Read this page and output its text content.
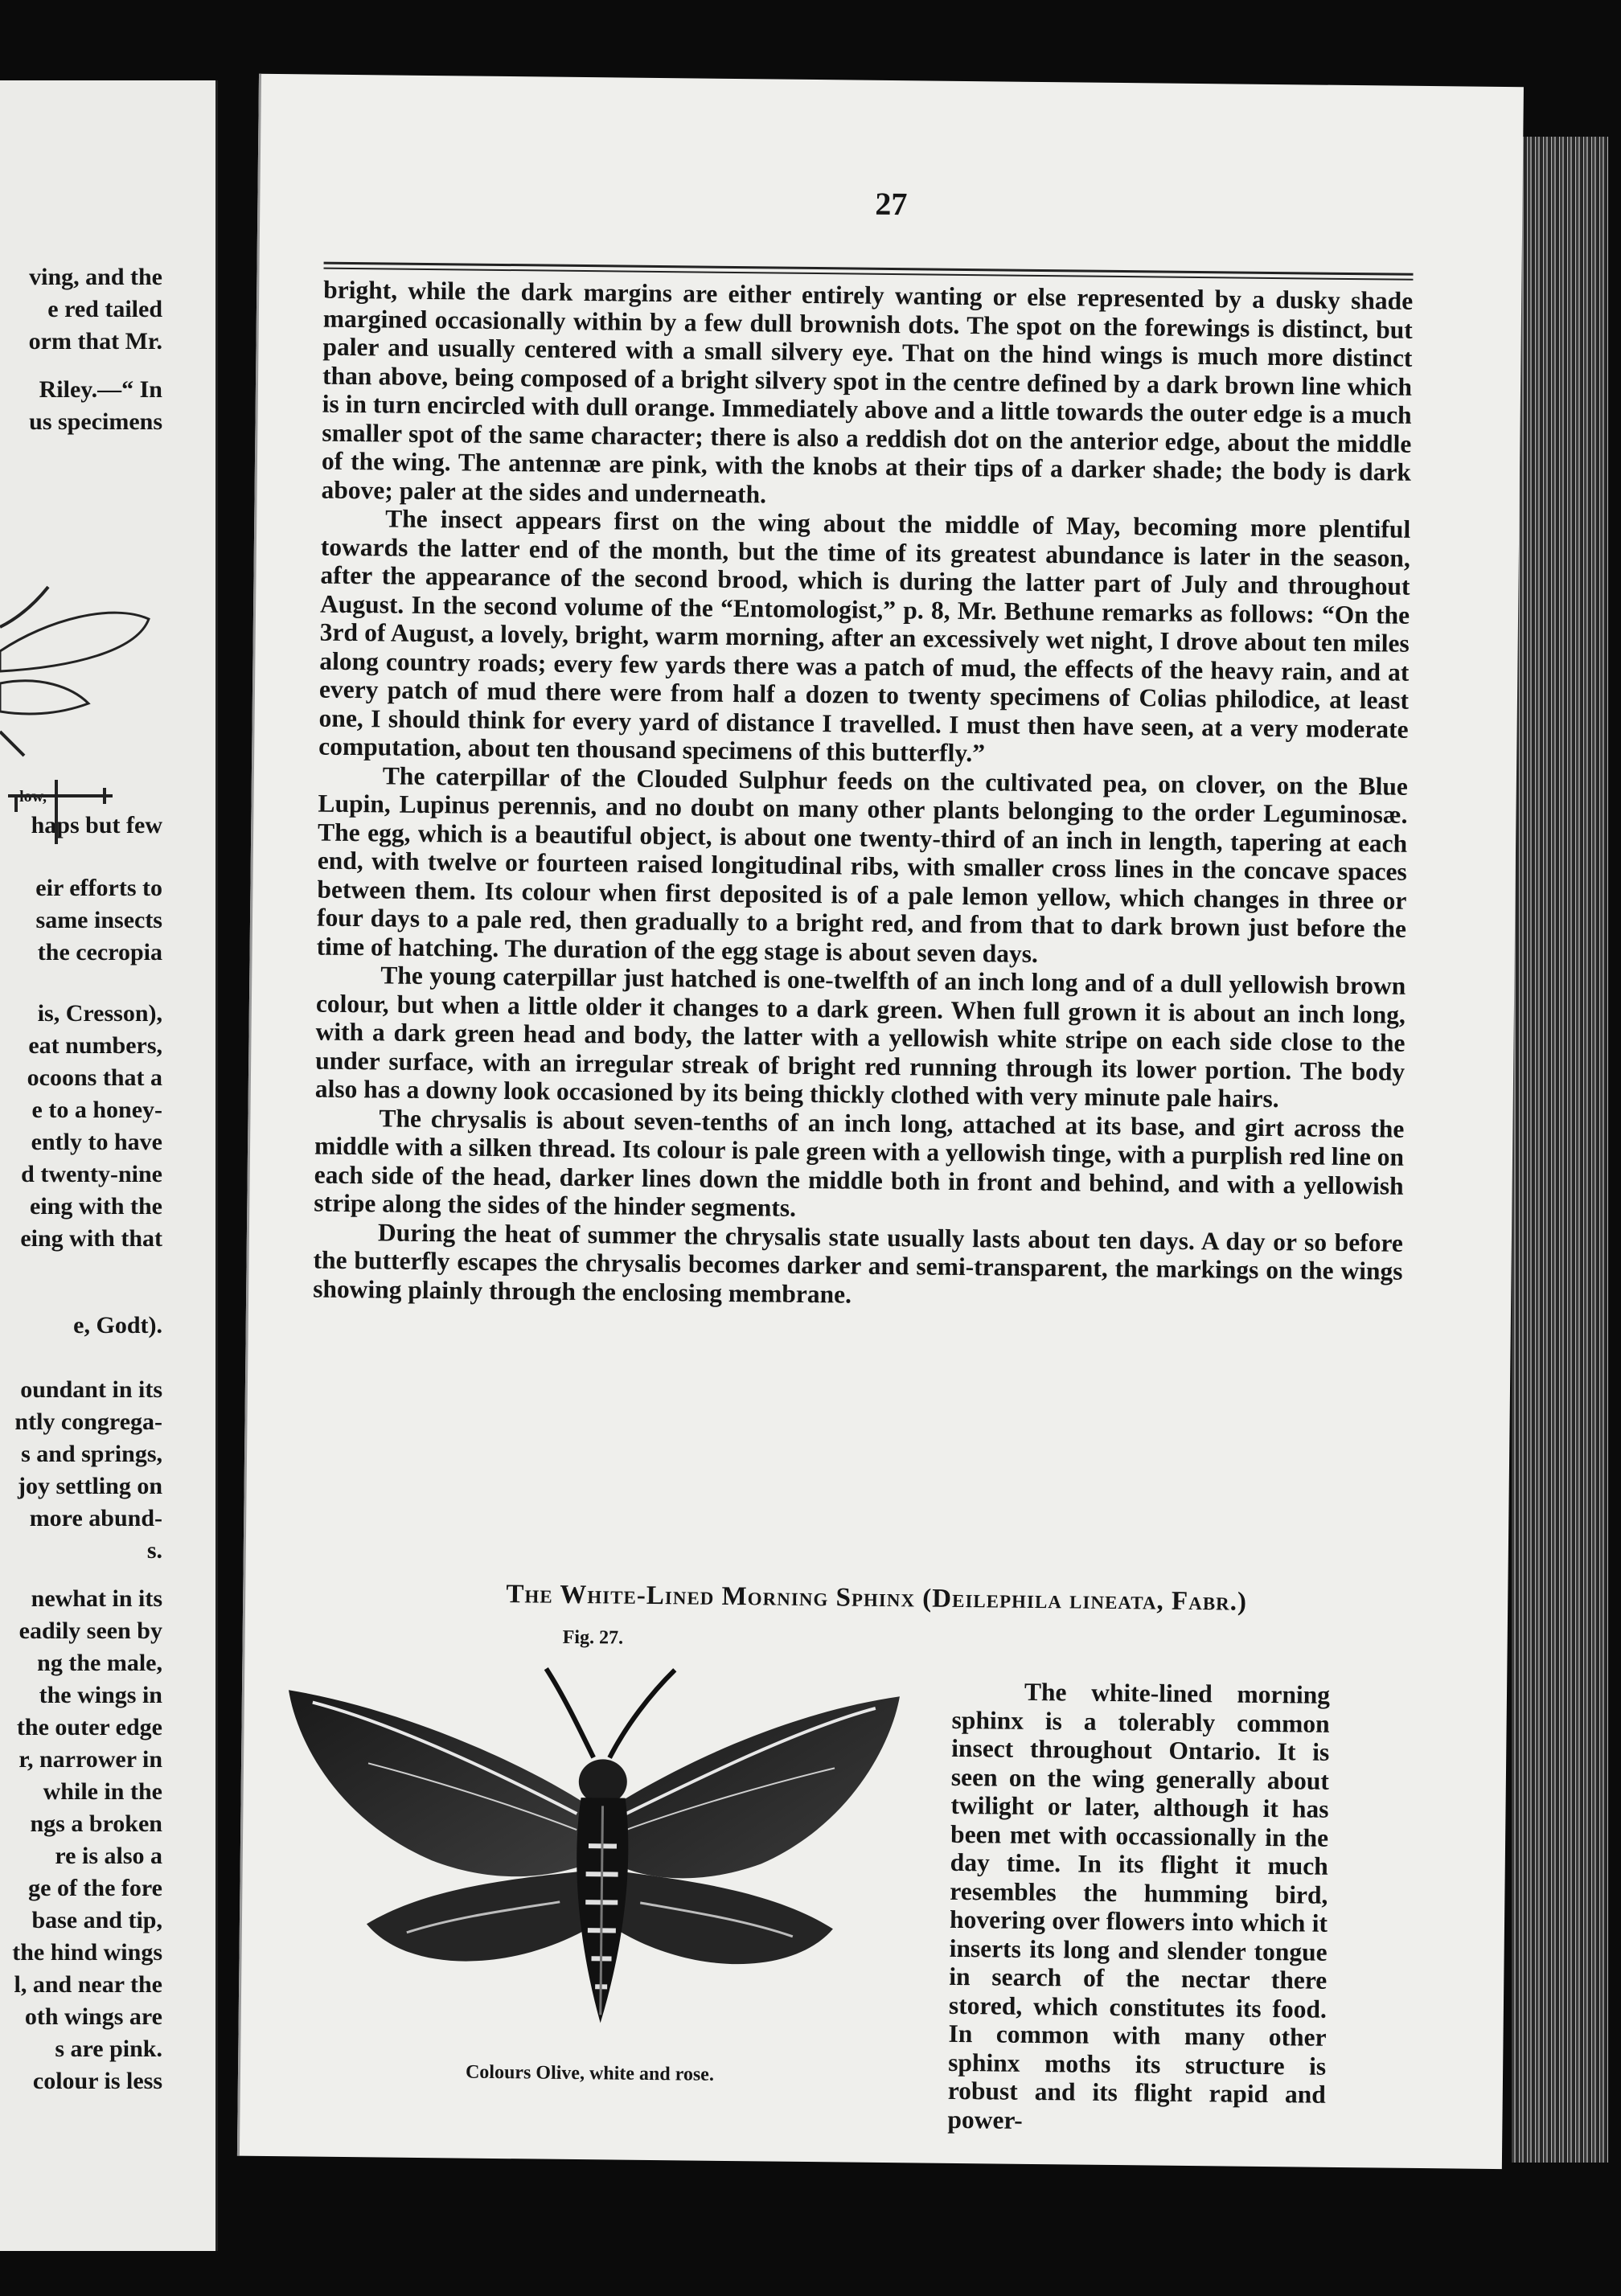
ving, and the
e red tailed
orm that Mr.
Riley.—“ In
us specimens
haps but few
eir efforts to
same insects
the cecropia
is, Cresson),
eat numbers,
ocoons that a
e to a honey-
ently to have
d twenty-nine
eing with the
eing with that
e, Godt).
oundant in its
ntly congrega-
s and springs,
joy settling on
more abund-
s.
newhat in its
eadily seen by
ng the male,
the wings in
the outer edge
r, narrower in
while in the
ngs a broken
re is also a
ge of the fore
base and tip,
the hind wings
l, and near the
oth wings are
s are pink.
colour is less
27

bright, while the dark margins are either entirely wanting or else represented by a dusky shade margined occasionally within by a few dull brownish dots. The spot on the forewings is distinct, but paler and usually centered with a small silvery eye. That on the hind wings is much more distinct than above, being composed of a bright silvery spot in the centre defined by a dark brown line which is in turn encircled with dull orange. Immediately above and a little towards the outer edge is a much smaller spot of the same character; there is also a reddish dot on the anterior edge, about the middle of the wing. The antennæ are pink, with the knobs at their tips of a darker shade; the body is dark above; paler at the sides and underneath.

The insect appears first on the wing about the middle of May, becoming more plentiful towards the latter end of the month, but the time of its greatest abundance is later in the season, after the appearance of the second brood, which is during the latter part of July and throughout August. In the second volume of the “Entomologist,” p. 8, Mr. Bethune remarks as follows: “On the 3rd of August, a lovely, bright, warm morning, after an excessively wet night, I drove about ten miles along country roads; every few yards there was a patch of mud, the effects of the heavy rain, and at every patch of mud there were from half a dozen to twenty specimens of Colias philodice, at least one, I should think for every yard of distance I travelled. I must then have seen, at a very moderate computation, about ten thousand specimens of this butterfly.”

The caterpillar of the Clouded Sulphur feeds on the cultivated pea, on clover, on the Blue Lupin, Lupinus perennis, and no doubt on many other plants belonging to the order Leguminosæ. The egg, which is a beautiful object, is about one twenty-third of an inch in length, tapering at each end, with twelve or fourteen raised longitudinal ribs, with smaller cross lines in the concave spaces between them. Its colour when first deposited is of a pale lemon yellow, which changes in three or four days to a pale red, then gradually to a bright red, and from that to dark brown just before the time of hatching. The duration of the egg stage is about seven days.

The young caterpillar just hatched is one-twelfth of an inch long and of a dull yellowish brown colour, but when a little older it changes to a dark green. When full grown it is about an inch long, with a dark green head and body, the latter with a yellowish white stripe on each side close to the under surface, with an irregular streak of bright red running through its lower portion. The body also has a downy look occasioned by its being thickly clothed with very minute pale hairs.

The chrysalis is about seven-tenths of an inch long, attached at its base, and girt across the middle with a silken thread. Its colour is pale green with a yellowish tinge, with a purplish red line on each side of the head, darker lines down the middle both in front and behind, and with a yellowish stripe along the sides of the hinder segments.

During the heat of summer the chrysalis state usually lasts about ten days. A day or so before the butterfly escapes the chrysalis becomes darker and semi-transparent, the markings on the wings showing plainly through the enclosing membrane.

The White-Lined Morning Sphinx (Deilephila lineata, Fabr.)
Fig. 27.
Colours Olive, white and rose.

The white-lined morning sphinx is a tolerably common insect throughout Ontario. It is seen on the wing generally about twilight or later, although it has been met with occassionally in the day time. In its flight it much resembles the humming bird, hovering over flowers into which it inserts its long and slender tongue in search of the nectar there stored, which constitutes its food. In common with many other sphinx moths its structure is robust and its flight rapid and power-
